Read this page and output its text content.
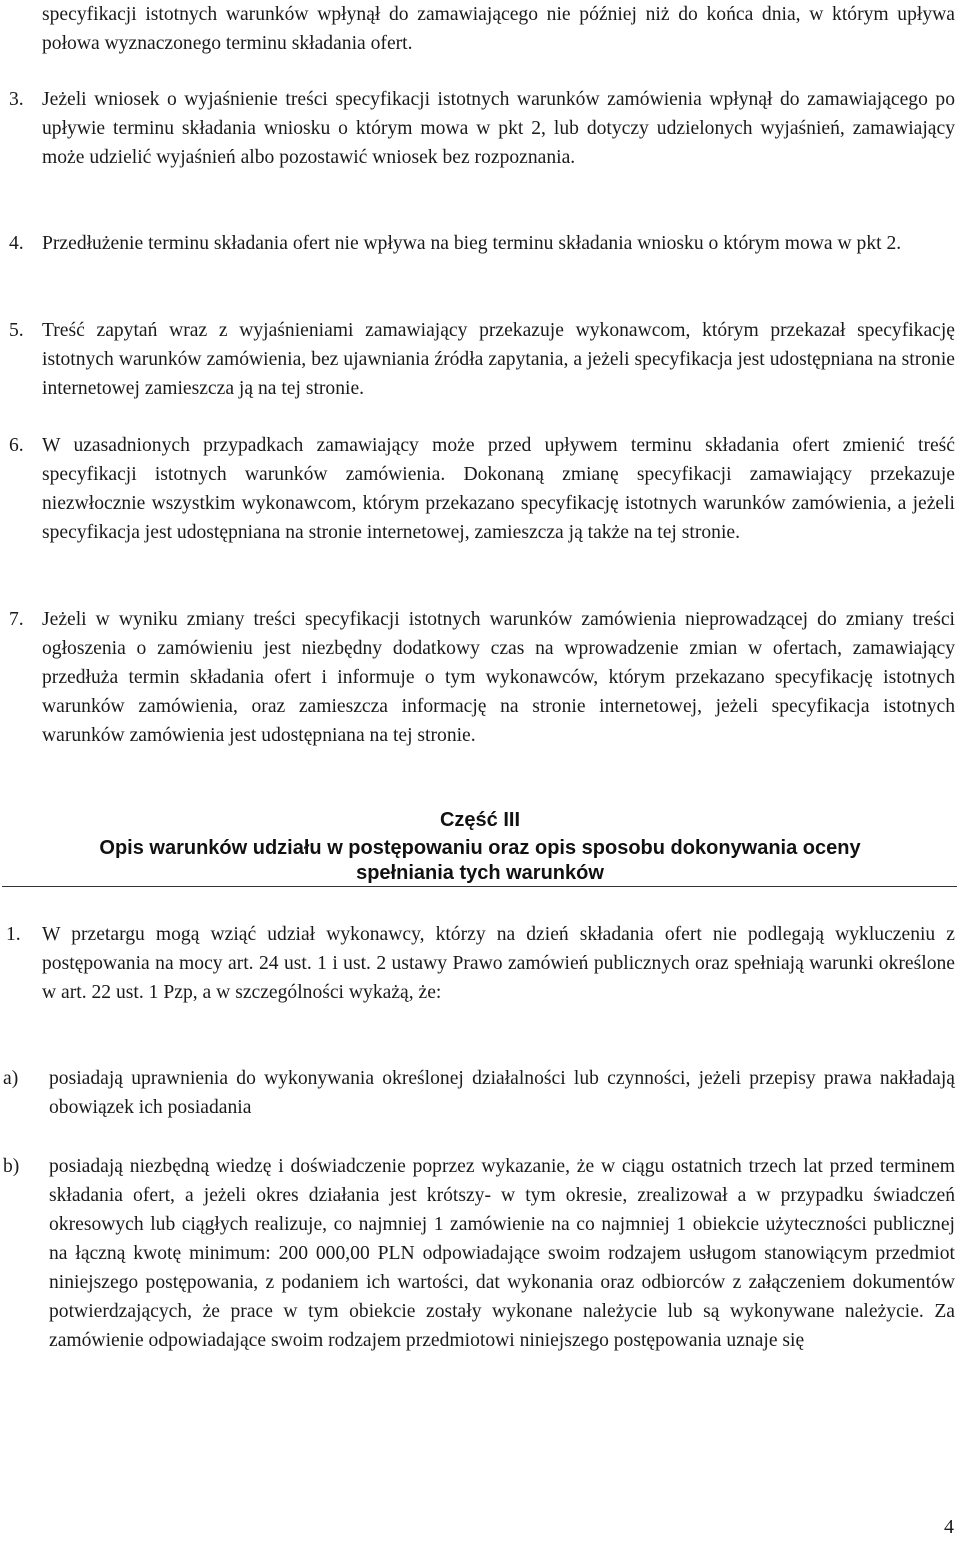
specyfikacji istotnych warunków wpłynął do zamawiającego nie później niż do końca dnia, w którym upływa połowa wyznaczonego terminu składania ofert.

3. Jeżeli wniosek o wyjaśnienie treści specyfikacji istotnych warunków zamówienia wpłynął do zamawiającego po upływie terminu składania wniosku o którym mowa w pkt 2, lub dotyczy udzielonych wyjaśnień, zamawiający może udzielić wyjaśnień albo pozostawić wniosek bez rozpoznania.

4. Przedłużenie terminu składania ofert nie wpływa na bieg terminu składania wniosku o którym mowa w pkt 2.

5. Treść zapytań wraz z wyjaśnieniami zamawiający przekazuje wykonawcom, którym przekazał specyfikację istotnych warunków zamówienia, bez ujawniania źródła zapytania, a jeżeli specyfikacja jest udostępniana na stronie internetowej zamieszcza ją na tej stronie.

6. W uzasadnionych przypadkach zamawiający może przed upływem terminu składania ofert zmienić treść specyfikacji istotnych warunków zamówienia. Dokonaną zmianę specyfikacji zamawiający przekazuje niezwłocznie wszystkim wykonawcom, którym przekazano specyfikację istotnych warunków zamówienia, a jeżeli specyfikacja jest udostępniana na stronie internetowej, zamieszcza ją także na tej stronie.

7. Jeżeli w wyniku zmiany treści specyfikacji istotnych warunków zamówienia nieprowadzącej do zmiany treści ogłoszenia o zamówieniu jest niezbędny dodatkowy czas na wprowadzenie zmian w ofertach, zamawiający przedłuża termin składania ofert i informuje o tym wykonawców, którym przekazano specyfikację istotnych warunków zamówienia, oraz zamieszcza informację na stronie internetowej, jeżeli specyfikacja istotnych warunków zamówienia jest udostępniana na tej stronie.

Część III
Opis warunków udziału w postępowaniu oraz opis sposobu dokonywania oceny
spełniania tych warunków
1.	W przetargu mogą wziąć udział wykonawcy, którzy na dzień składania ofert nie podlegają wykluczeniu z postępowania na mocy art. 24 ust. 1 i ust. 2 ustawy Prawo zamówień publicznych oraz spełniają warunki określone w art. 22 ust. 1 Pzp, a w szczególności wykażą, że:

a)	posiadają uprawnienia do wykonywania określonej działalności lub czynności, jeżeli przepisy prawa nakładają obowiązek ich posiadania

b)	posiadają niezbędną wiedzę i doświadczenie poprzez wykazanie, że w ciągu ostatnich trzech lat przed terminem składania ofert, a jeżeli okres działania jest krótszy- w tym okresie, zrealizował a w przypadku świadczeń okresowych lub ciągłych realizuje, co najmniej 1 zamówienie na co najmniej 1 obiekcie użyteczności publicznej na łączną kwotę minimum: 200 000,00 PLN odpowiadające swoim rodzajem usługom stanowiącym przedmiot niniejszego postępowania, z podaniem ich wartości, dat wykonania oraz odbiorców z załączeniem dokumentów potwierdzających, że prace w tym obiekcie zostały wykonane należycie lub są wykonywane należycie. Za zamówienie odpowiadające swoim rodzajem przedmiotowi niniejszego postępowania uznaje się

4
